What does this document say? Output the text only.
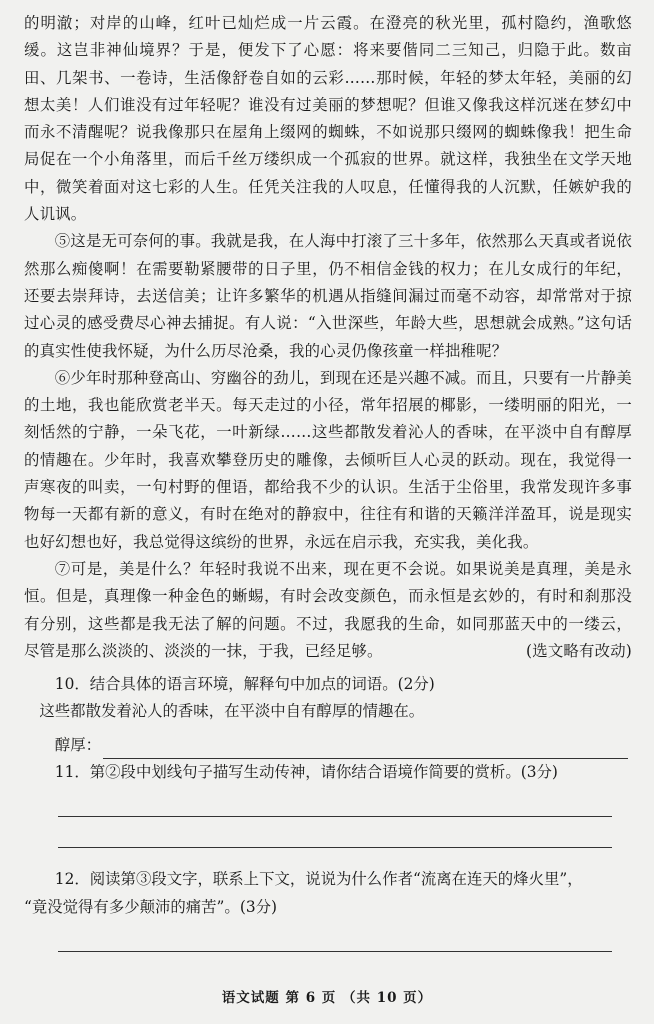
的明澈；对岸的山峰，红叶已灿烂成一片云霞。在澄亮的秋光里，孤村隐约，渔歌悠缓。这岂非神仙境界？于是，便发下了心愿：将来要偕同二三知己，归隐于此。数亩田、几架书、一卷诗，生活像舒卷自如的云彩……那时候，年轻的梦太年轻，美丽的幻想太美！人们谁没有过年轻呢？谁没有过美丽的梦想呢？但谁又像我这样沉迷在梦幻中而永不清醒呢？说我像那只在屋角上缀网的蜘蛛，不如说那只缀网的蜘蛛像我！把生命局促在一个小角落里，而后千丝万缕织成一个孤寂的世界。就这样，我独坐在文学天地中，微笑着面对这七彩的人生。任凭关注我的人叹息，任懂得我的人沉默，任嫉妒我的人讥讽。

⑤这是无可奈何的事。我就是我，在人海中打滚了三十多年，依然那么天真或者说依然那么痴傻啊！在需要勒紧腰带的日子里，仍不相信金钱的权力；在儿女成行的年纪，还要去崇拜诗，去送信美；让许多繁华的机遇从指缝间漏过而毫不动容，却常常对于掠过心灵的感受费尽心神去捕捉。有人说：“入世深些，年龄大些，思想就会成熟。”这句话的真实性使我怀疑，为什么历尽沧桑，我的心灵仍像孩童一样拙稚呢？

⑥少年时那种登高山、穷幽谷的劲儿，到现在还是兴趣不减。而且，只要有一片静美的土地，我也能欣赏老半天。每天走过的小径，常年招展的椰影，一缕明丽的阳光，一刻恬然的宁静，一朵飞花，一叶新绿……这些都散发着沁人的香味，在平淡中自有醇厚的情趣在。少年时，我喜欢攀登历史的雕像，去倾听巨人心灵的跃动。现在，我觉得一声寒夜的叫卖，一句村野的俚语，都给我不少的认识。生活于尘俗里，我常发现许多事物每一天都有新的意义，有时在绝对的静寂中，往往有和谐的天籁洋洋盈耳，说是现实也好幻想也好，我总觉得这缤纷的世界，永远在启示我，充实我，美化我。

⑦可是，美是什么？年轻时我说不出来，现在更不会说。如果说美是真理，美是永恒。但是，真理像一种金色的蜥蜴，有时会改变颜色，而永恒是玄妙的，有时和刹那没有分别，这些都是我无法了解的问题。不过，我愿我的生命，如同那蓝天中的一缕云，尽管是那么淡淡的、淡淡的一抹，于我，已经足够。	(选文略有改动)

10．结合具体的语言环境，解释句中加点的词语。(2分)

这些都散发着沁人的香味，在平淡中自有醇厚的情趣在。

醇厚：

11．第②段中划线句子描写生动传神，请你结合语境作简要的赏析。(3分)

12．阅读第③段文字，联系上下文，说说为什么作者“流离在连天的烽火里”，

“竟没觉得有多少颠沛的痛苦”。(3分)

语文试题 第 6 页 （共 10 页）
